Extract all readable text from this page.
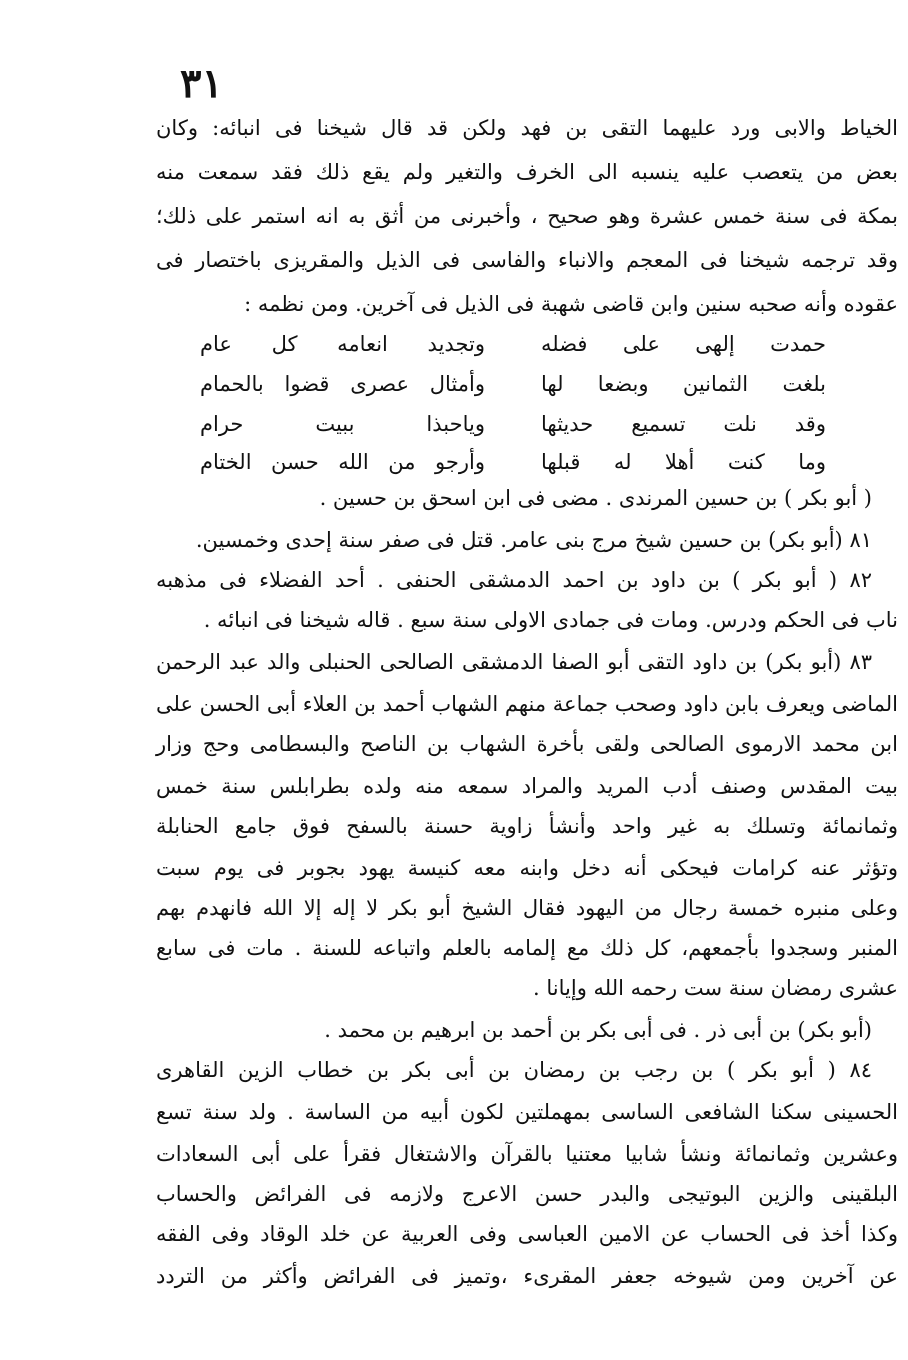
٣١
الخياط والابى ورد عليهما التقى بن فهد ولكن قد قال شيخنا فى انبائه: وكان
بعض من يتعصب عليه ينسبه الى الخرف والتغير ولم يقع ذلك فقد سمعت منه
بمكة فى سنة خمس عشرة وهو صحيح ، وأخبرنى من أثق به انه استمر على ذلك؛
وقد ترجمه شيخنا فى المعجم والانباء والفاسى فى الذيل والمقريزى باختصار فى
عقوده وأنه صحبه سنين وابن قاضى شهبة فى الذيل فى آخرين. ومن نظمه :
حمدت إلهى على فضله
وتجديد انعامه كل عام
بلغت الثمانين وبضعا لها
وأمثال عصرى قضوا بالحمام
وقد نلت تسميع حديثها
وياحبذا ببيت حرام
وما كنت أهلا له قبلها
وأرجو من الله حسن الختام
( أبو بكر ) بن حسين المرندى . مضى فى ابن اسحق بن حسين .
٨١ (أبو بكر) بن حسين شيخ مرج بنى عامر. قتل فى صفر سنة إحدى وخمسين.
٨٢ ( أبو بكر ) بن داود بن احمد الدمشقى الحنفى . أحد الفضلاء فى مذهبه
ناب فى الحكم ودرس. ومات فى جمادى الاولى سنة سبع . قاله شيخنا فى انبائه .
٨٣ (أبو بكر) بن داود التقى أبو الصفا الدمشقى الصالحى الحنبلى والد عبد الرحمن
الماضى ويعرف بابن داود وصحب جماعة منهم الشهاب أحمد بن العلاء أبى الحسن على
ابن محمد الارموى الصالحى ولقى بأخرة الشهاب بن الناصح والبسطامى وحج وزار
بيت المقدس وصنف أدب المريد والمراد سمعه منه ولده بطرابلس سنة خمس
وثمانمائة وتسلك به غير واحد وأنشأ زاوية حسنة بالسفح فوق جامع الحنابلة
وتؤثر عنه كرامات فيحكى أنه دخل وابنه معه كنيسة يهود بجوبر فى يوم سبت
وعلى منبره خمسة رجال من اليهود فقال الشيخ أبو بكر لا إله إلا الله فانهدم بهم
المنبر وسجدوا بأجمعهم، كل ذلك مع إلمامه بالعلم واتباعه للسنة . مات فى سابع
عشرى رمضان سنة ست رحمه الله وإيانا .
(أبو بكر) بن أبى ذر . فى أبى بكر بن أحمد بن ابرهيم بن محمد .
٨٤ ( أبو بكر ) بن رجب بن رمضان بن أبى بكر بن خطاب الزين القاهرى
الحسينى سكنا الشافعى الساسى بمهملتين لكون أبيه من الساسة . ولد سنة تسع
وعشرين وثمانمائة ونشأ شابيا معتنيا بالقرآن والاشتغال فقرأ على أبى السعادات
البلقينى والزين البوتيجى والبدر حسن الاعرج ولازمه فى الفرائض والحساب
وكذا أخذ فى الحساب عن الامين العباسى وفى العربية عن خلد الوقاد وفى الفقه
عن آخرين ومن شيوخه جعفر المقرىء ،وتميز فى الفرائض وأكثر من التردد
